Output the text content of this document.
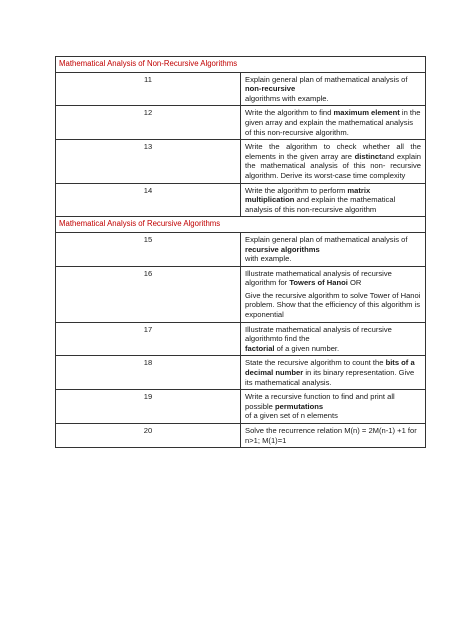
Mathematical Analysis of Non-Recursive Algorithms	
11	Explain general plan of mathematical analysis of non-recursive
algorithms with example.
12	Write the algorithm to find maximum element in the given array and explain the mathematical analysis of this non-recursive algorithm.
13	Write the algorithm to check whether all the elements in the given array are distinctand explain the mathematical analysis of this non- recursive algorithm. Derive its worst-case time complexity
14	Write the algorithm to perform matrix multiplication and explain the mathematical analysis of this non-recursive algorithm
Mathematical Analysis of Recursive Algorithms	
15	Explain general plan of mathematical analysis of recursive algorithms
with example.
16	Illustrate mathematical analysis of recursive algorithm for Towers of Hanoi OR
Give the recursive algorithm to solve Tower of Hanoi problem. Show that the efficiency of this algorithm is exponential

17	Illustrate mathematical analysis of recursive algorithmto find the
factorial of a given number.
18	State the recursive algorithm to count the bits of a decimal number in its binary representation. Give its mathematical analysis.
19	Write a recursive function to find and print all possible permutations
of a given set of n elements
20	Solve the recurrence relation M(n) = 2M(n-1) +1 for n>1; M(1)=1
